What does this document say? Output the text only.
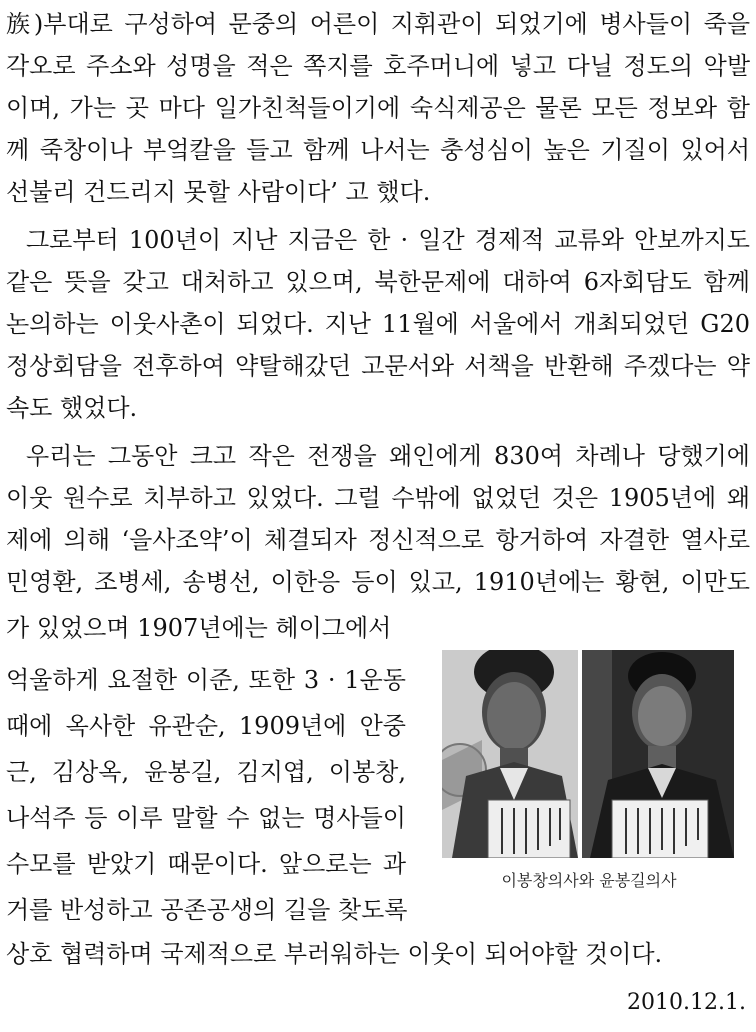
族)부대로 구성하여 문중의 어른이 지휘관이 되었기에 병사들이 죽을
각오로 주소와 성명을 적은 쪽지를 호주머니에 넣고 다닐 정도의 악발
이며, 가는 곳 마다 일가친척들이기에 숙식제공은 물론 모든 정보와 함
께 죽창이나 부엌칼을 들고 함께 나서는 충성심이 높은 기질이 있어서
선불리 건드리지 못할 사람이다’ 고 했다.
그로부터 100년이 지난 지금은 한 · 일간 경제적 교류와 안보까지도
같은 뜻을 갖고 대처하고 있으며, 북한문제에 대하여 6자회담도 함께
논의하는 이웃사촌이 되었다. 지난 11월에 서울에서 개최되었던 G20
정상회담을 전후하여 약탈해갔던 고문서와 서책을 반환해 주겠다는 약
속도 했었다.
우리는 그동안 크고 작은 전쟁을 왜인에게 830여 차례나 당했기에
이웃 원수로 치부하고 있었다. 그럴 수밖에 없었던 것은 1905년에 왜
제에 의해 ‘을사조약’이 체결되자 정신적으로 항거하여 자결한 열사로
민영환, 조병세, 송병선, 이한응 등이 있고, 1910년에는 황현, 이만도
가 있었으며 1907년에는 헤이그에서
억울하게 요절한 이준, 또한 3 · 1운동
때에 옥사한 유관순, 1909년에 안중
근, 김상옥, 윤봉길, 김지엽, 이봉창,
나석주 등 이루 말할 수 없는 명사들이
수모를 받았기 때문이다. 앞으로는 과
거를 반성하고 공존공생의 길을 찾도록
상호 협력하며 국제적으로 부러워하는 이웃이 되어야할 것이다.
이봉창의사와 윤봉길의사
2010.12.1.
